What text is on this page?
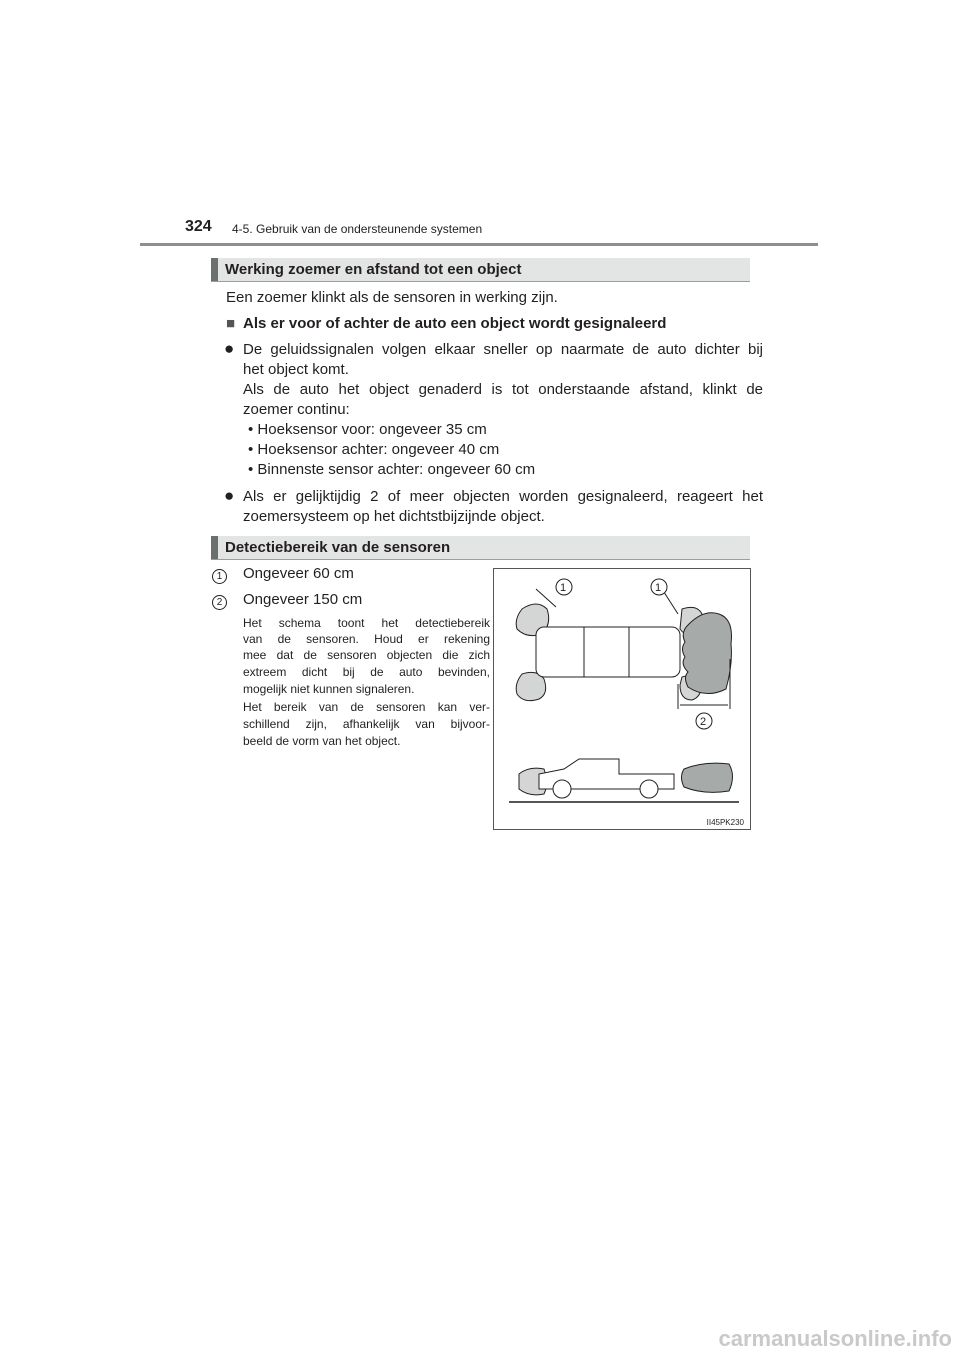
324 4-5. Gebruik van de ondersteunende systemen
Werking zoemer en afstand tot een object
Een zoemer klinkt als de sensoren in werking zijn.
■ Als er voor of achter de auto een object wordt gesignaleerd
● De geluidssignalen volgen elkaar sneller op naarmate de auto dichter bij
het object komt.
Als de auto het object genaderd is tot onderstaande afstand, klinkt de
zoemer continu:
• Hoeksensor voor: ongeveer 35 cm
• Hoeksensor achter: ongeveer 40 cm
• Binnenste sensor achter: ongeveer 60 cm
● Als er gelijktijdig 2 of meer objecten worden gesignaleerd, reageert het
zoemersysteem op het dichtstbijzijnde object.
Detectiebereik van de sensoren
1	Ongeveer 60 cm
2	Ongeveer 150 cm
Het schema toont het detectiebereik
van de sensoren. Houd er rekening
mee dat de sensoren objecten die zich
extreem dicht bij de auto bevinden,
mogelijk niet kunnen signaleren.
Het bereik van de sensoren kan ver-
schillend zijn, afhankelijk van bijvoor-
beeld de vorm van het object.
1	1
2
II45PK230
carmanualsonline.info
